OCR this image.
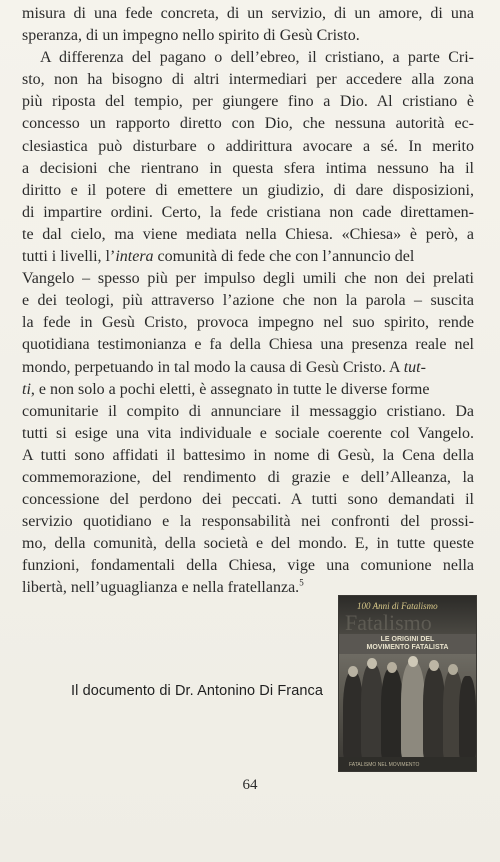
misura di una fede concreta, di un servizio, di un amore, di una
speranza, di un impegno nello spirito di Gesù Cristo.
A differenza del pagano o dell’ebreo, il cristiano, a parte Cri-
sto, non ha bisogno di altri intermediari per accedere alla zona
più riposta del tempio, per giungere fino a Dio. Al cristiano è
concesso un rapporto diretto con Dio, che nessuna autorità ec-
clesiastica può disturbare o addirittura avocare a sé. In merito
a decisioni che rientrano in questa sfera intima nessuno ha il
diritto e il potere di emettere un giudizio, di dare disposizioni,
di impartire ordini. Certo, la fede cristiana non cade direttamen-
te dal cielo, ma viene mediata nella Chiesa. «Chiesa» è però, a
tutti i livelli, l’intera comunità di fede che con l’annuncio del
Vangelo – spesso più per impulso degli umili che non dei prelati
e dei teologi, più attraverso l’azione che non la parola – suscita
la fede in Gesù Cristo, provoca impegno nel suo spirito, rende
quotidiana testimonianza e fa della Chiesa una presenza reale nel
mondo, perpetuando in tal modo la causa di Gesù Cristo. A tut-
ti, e non solo a pochi eletti, è assegnato in tutte le diverse forme
comunitarie il compito di annunciare il messaggio cristiano. Da
tutti si esige una vita individuale e sociale coerente col Vangelo.
A tutti sono affidati il battesimo in nome di Gesù, la Cena della
commemorazione, del rendimento di grazie e dell’Alleanza, la
concessione del perdono dei peccati. A tutti sono demandati il
servizio quotidiano e la responsabilità nei confronti del prossi-
mo, della comunità, della società e del mondo. E, in tutte queste
funzioni, fondamentali della Chiesa, vige una comunione nella
libertà, nell’uguaglianza e nella fratellanza.$^5$
Fatalismo
100 Anni di Fatalismo
LE ORIGINI DEL
MOVIMENTO FATALISTA
FATALISMO NEL MOVIMENTO
Il documento di Dr. Antonino Di Franca
64
